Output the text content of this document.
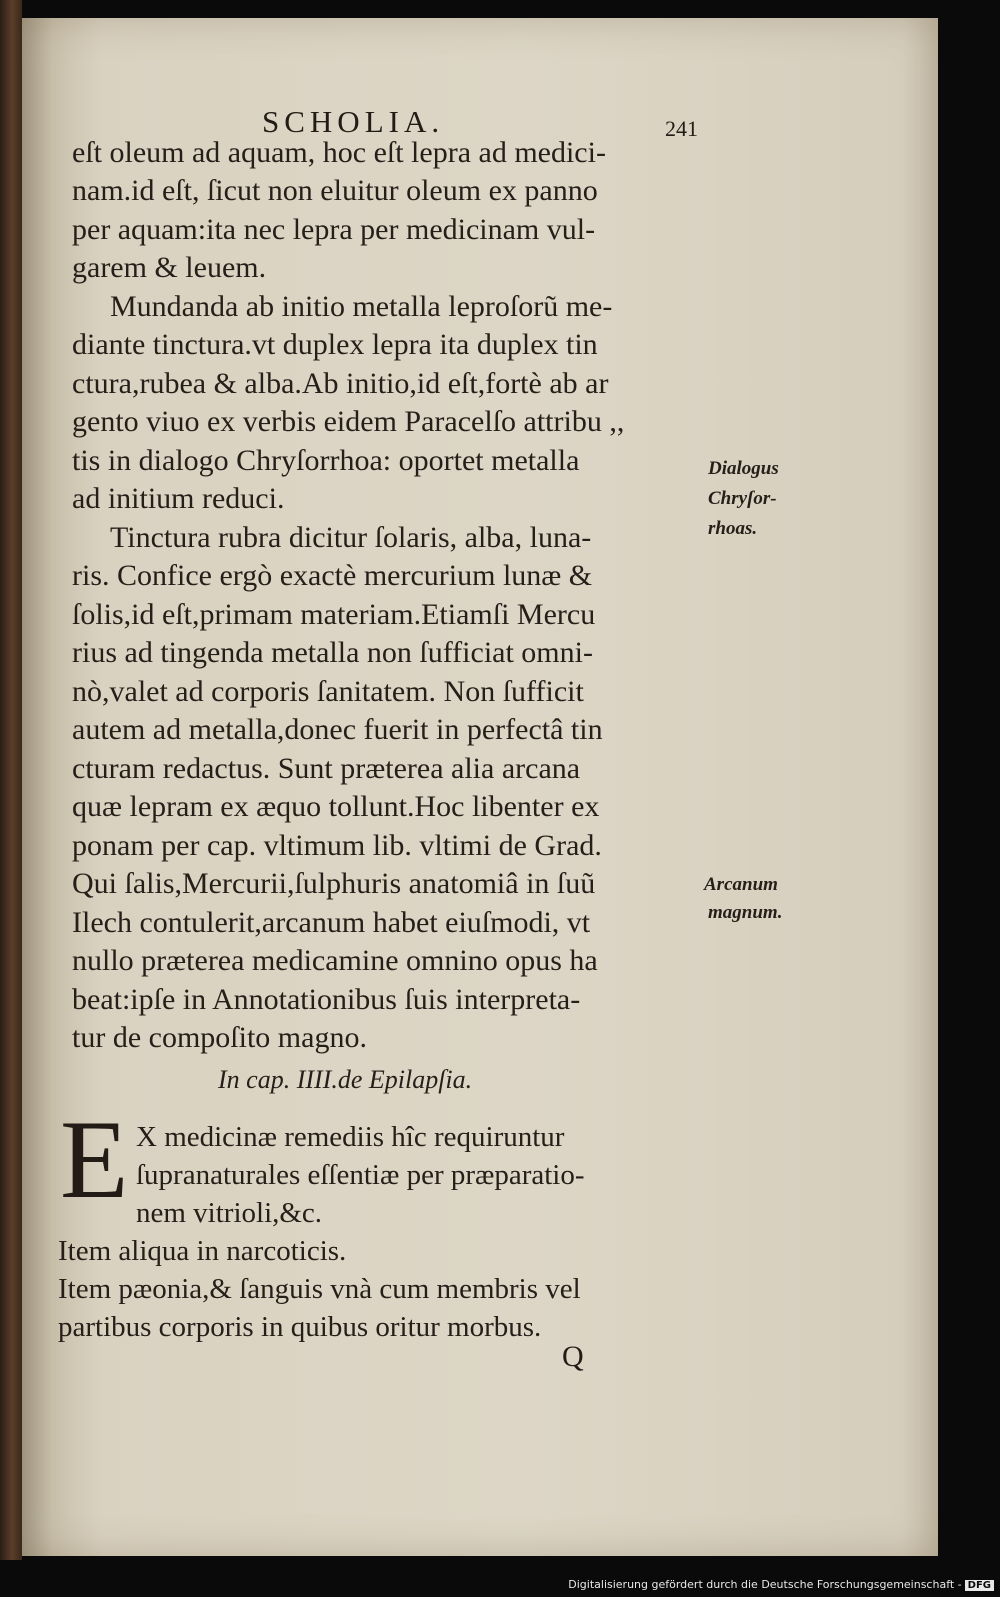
SCHOLIA.	241
eſt oleum ad aquam, hoc eſt lepra ad medici-
nam.id eſt, ſicut non eluitur oleum ex panno
per aquam:ita nec lepra per medicinam vul-
garem & leuem.
Mundanda ab initio metalla leproſorũ me-
diante tinctura.vt duplex lepra ita duplex tin
ctura,rubea & alba.Ab initio,id eſt,fortè ab ar
gento viuo ex verbis eidem Paracelſo attribu ,,
tis in dialogo Chryſorrhoa: oportet metalla
ad initium reduci.
Tinctura rubra dicitur ſolaris, alba, luna-
ris. Confice ergò exactè mercurium lunæ &
ſolis,id eſt,primam materiam.Etiamſi Mercu
rius ad tingenda metalla non ſufficiat omni-
nò,valet ad corporis ſanitatem. Non ſufficit
autem ad metalla,donec fuerit in perfectâ tin
cturam redactus. Sunt præterea alia arcana
quæ lepram ex æquo tollunt.Hoc libenter ex
ponam per cap. vltimum lib. vltimi de Grad.
Qui ſalis,Mercurii,ſulphuris anatomiâ in ſuũ
Ilech contulerit,arcanum habet eiuſmodi, vt
nullo præterea medicamine omnino opus ha
beat:ipſe in Annotationibus ſuis interpreta-
tur de compoſito magno.
Dialogus
Chryſor-
rhoas.
Arcanum
magnum.
In cap. IIII.de Epilapſia.
E X medicinæ remediis hîc requiruntur
ſupranaturales eſſentiæ per præparatio-
nem vitrioli,&c.
Item aliqua in narcoticis.
Item pæonia,& ſanguis vnà cum membris vel
partibus corporis in quibus oritur morbus.
Q
Digitalisierung gefördert durch die Deutsche Forschungsgemeinschaft - DFG
